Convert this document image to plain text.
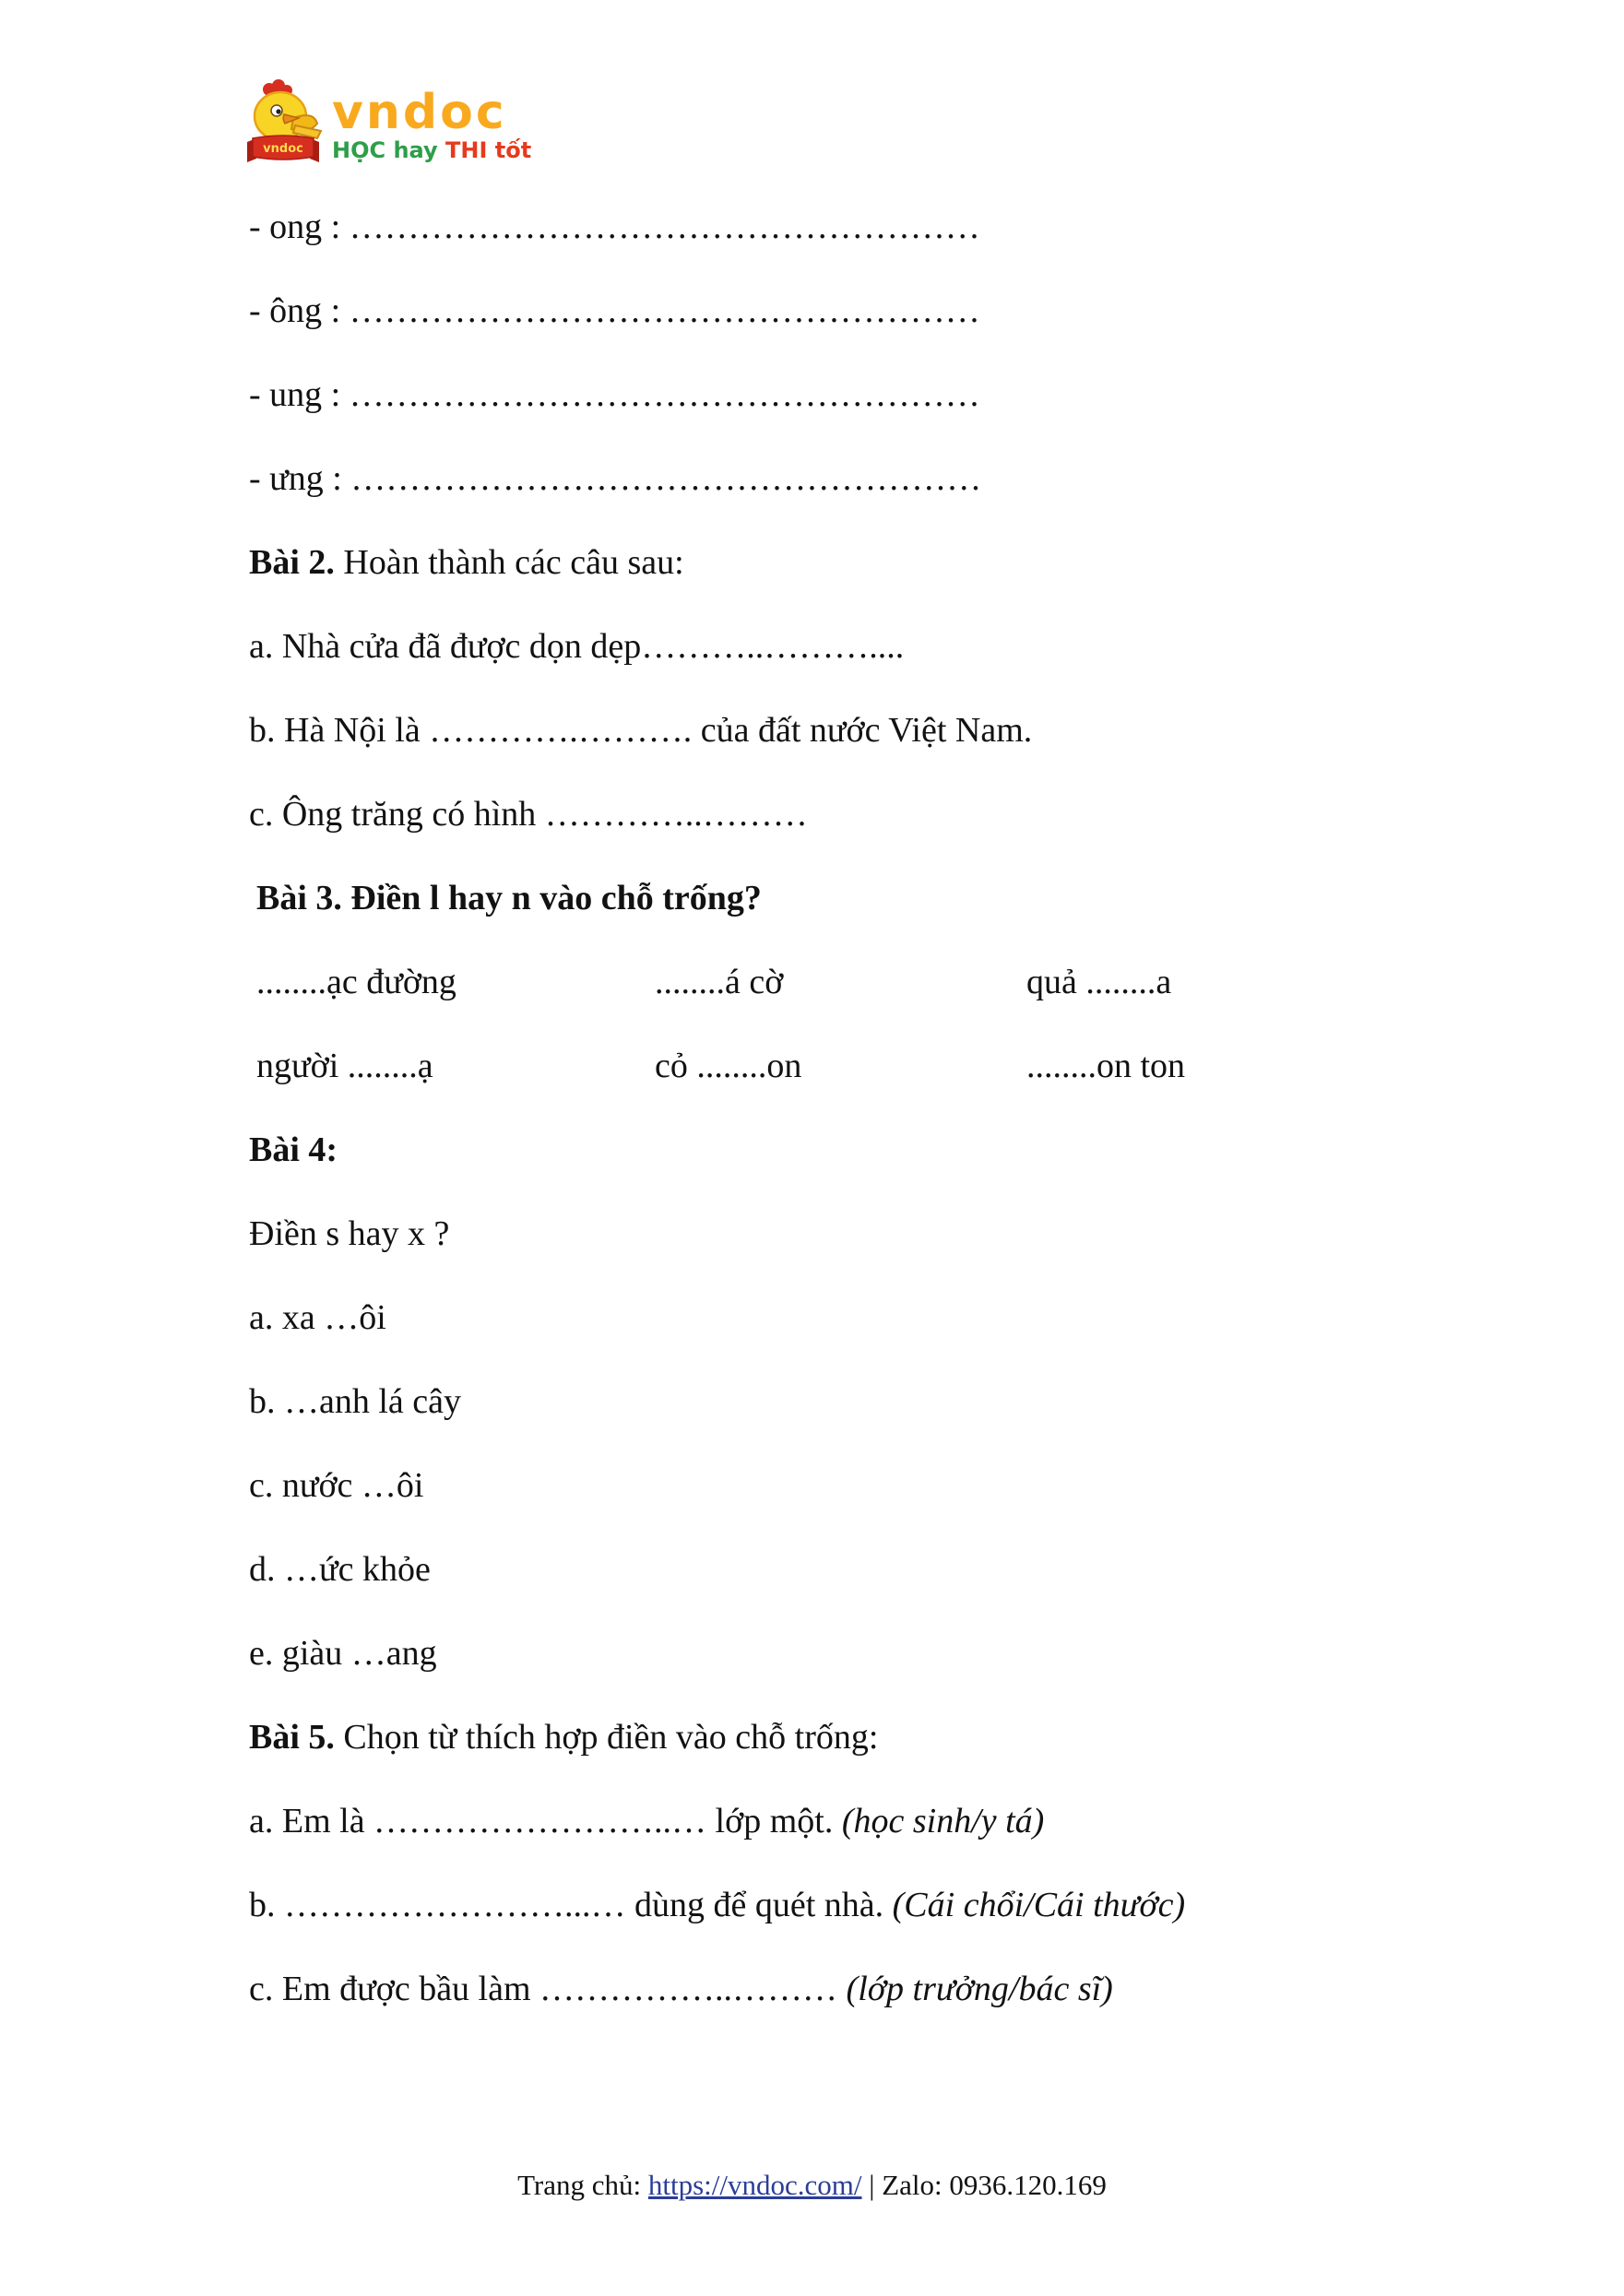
vndoc
vndoc
HỌC hay THI tốt

- ong : ………………………………………………

- ông : ………………………………………………

- ung : ………………………………………………

- ưng : ………………………………………………

Bài 2. Hoàn thành các câu sau:

a. Nhà cửa đã được dọn dẹp………..………....

b. Hà Nội là ………….………. của đất nước Việt Nam.

c. Ông trăng có hình …………..………

Bài 3. Điền l hay n vào chỗ trống?

........ạc đường	........á cờ	quả ........a
người ........ạ	cỏ ........on	........on ton

Bài 4:

Điền s hay x ?

a. xa …ôi

b. …anh lá cây

c. nước …ôi

d. …ức khỏe

e. giàu …ang

Bài 5. Chọn từ thích hợp điền vào chỗ trống:

a. Em là ……………………..… lớp một. (học sinh/y tá)

b. ……………………...… dùng để quét nhà. (Cái chổi/Cái thước)

c. Em được bầu làm ……………..……… (lớp trưởng/bác sĩ)

Trang chủ: https://vndoc.com/ | Zalo: 0936.120.169
